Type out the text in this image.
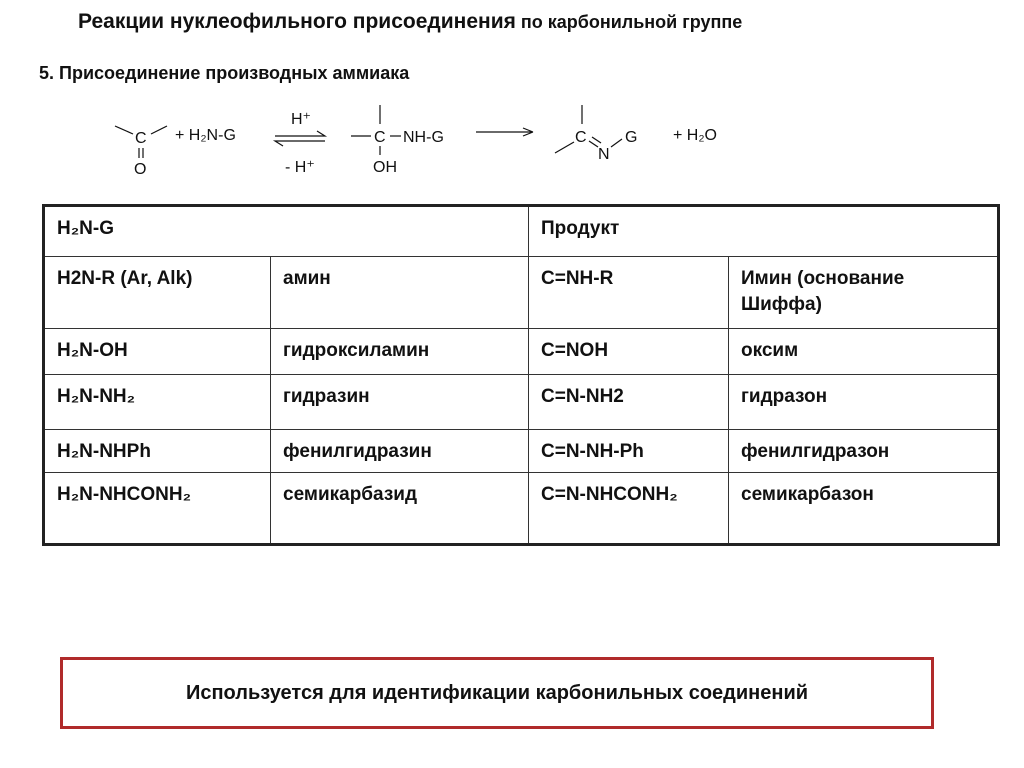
Реакции нуклеофильного присоединения по карбонильной группе
5. Присоединение производных аммиака
C
O
+ H₂N-G
H⁺
- H⁺
C NH-G
OH
C
N
G + H₂O
H₂N-G		Продукт	
H2N-R (Ar, Alk)	амин	C=NH-R	Имин (основание Шиффа)
H₂N-OH	гидроксиламин	C=NOH	оксим
H₂N-NH₂	гидразин	C=N-NH2	гидразон
H₂N-NHPh	фенилгидразин	C=N-NH-Ph	фенилгидразон
H₂N-NHCONH₂	семикарбазид	C=N-NHCONH₂	семикарбазон
Используется для идентификации карбонильных соединений
